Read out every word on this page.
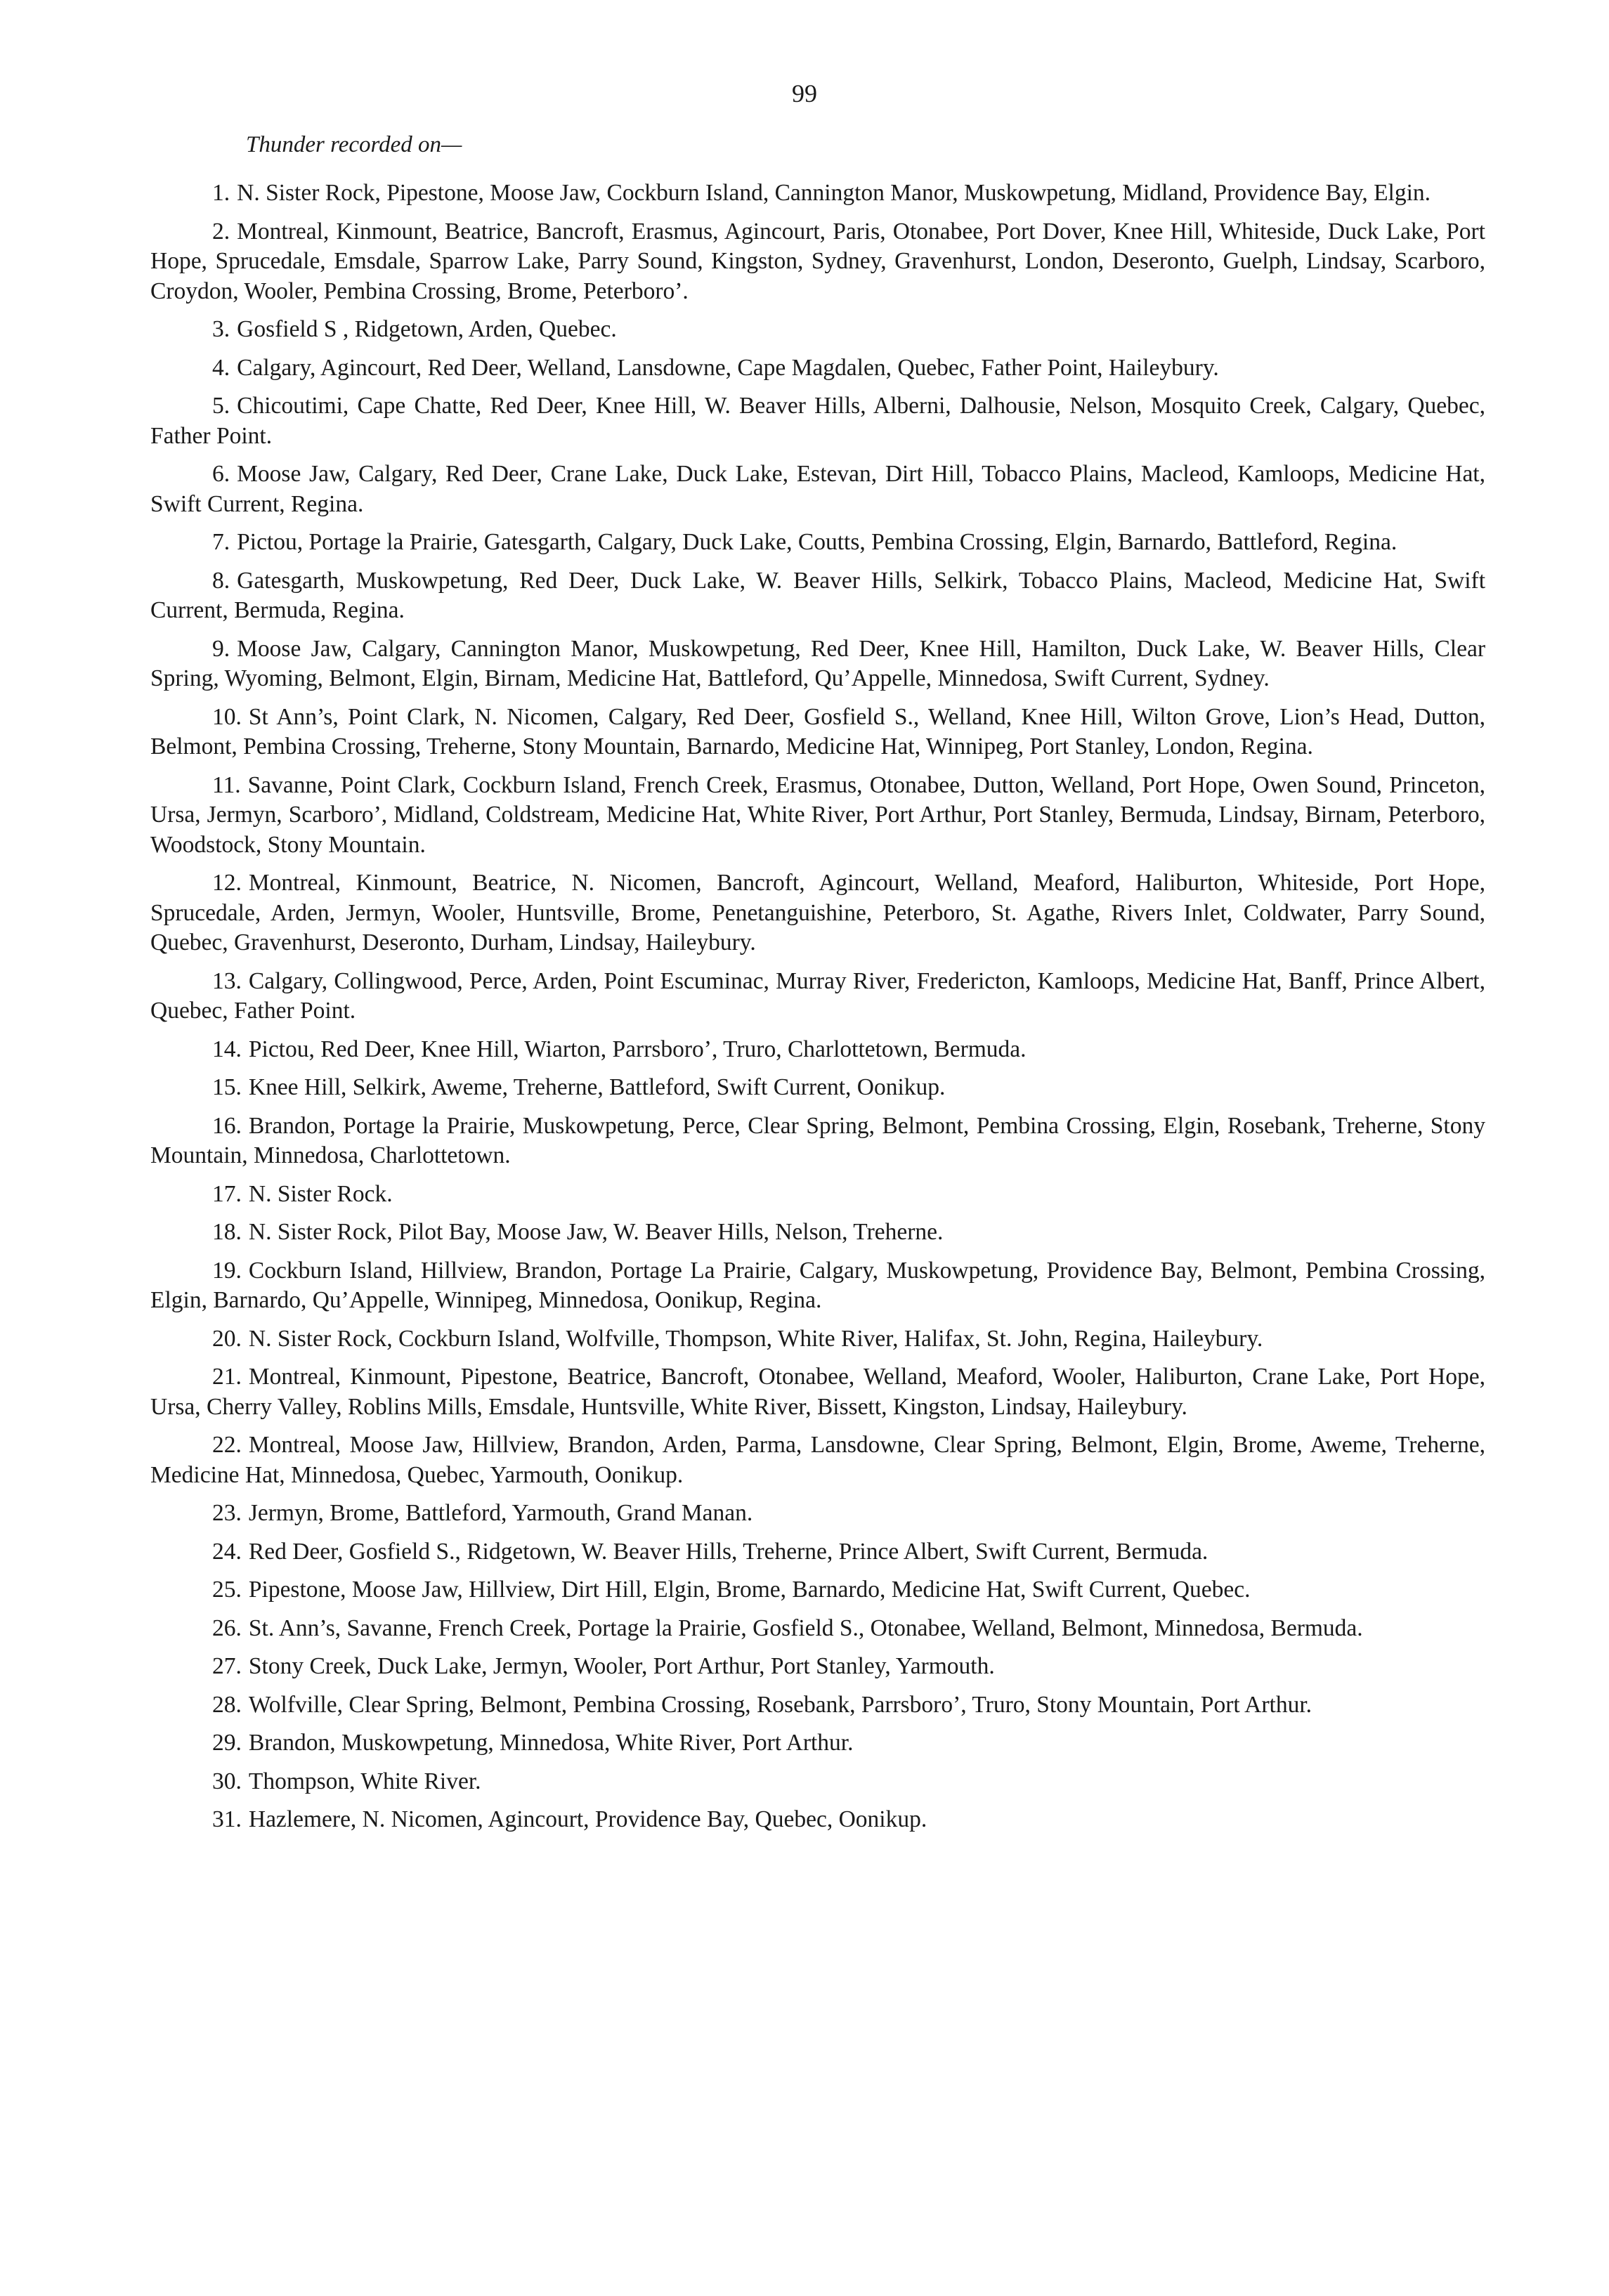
99
Thunder recorded on—

1. N. Sister Rock, Pipestone, Moose Jaw, Cockburn Island, Cannington Manor, Muskowpetung, Midland, Providence Bay, Elgin.

2. Montreal, Kinmount, Beatrice, Bancroft, Erasmus, Agincourt, Paris, Otonabee, Port Dover, Knee Hill, Whiteside, Duck Lake, Port Hope, Sprucedale, Emsdale, Sparrow Lake, Parry Sound, Kingston, Sydney, Gravenhurst, London, Deseronto, Guelph, Lindsay, Scarboro, Croydon, Wooler, Pembina Crossing, Brome, Peterboro’.

3. Gosfield S , Ridgetown, Arden, Quebec.

4. Calgary, Agincourt, Red Deer, Welland, Lansdowne, Cape Magdalen, Quebec, Father Point, Haileybury.

5. Chicoutimi, Cape Chatte, Red Deer, Knee Hill, W. Beaver Hills, Alberni, Dalhousie, Nelson, Mosquito Creek, Calgary, Quebec, Father Point.

6. Moose Jaw, Calgary, Red Deer, Crane Lake, Duck Lake, Estevan, Dirt Hill, Tobacco Plains, Macleod, Kamloops, Medicine Hat, Swift Current, Regina.

7. Pictou, Portage la Prairie, Gatesgarth, Calgary, Duck Lake, Coutts, Pembina Crossing, Elgin, Barnardo, Battleford, Regina.

8. Gatesgarth, Muskowpetung, Red Deer, Duck Lake, W. Beaver Hills, Selkirk, Tobacco Plains, Macleod, Medicine Hat, Swift Current, Bermuda, Regina.

9. Moose Jaw, Calgary, Cannington Manor, Muskowpetung, Red Deer, Knee Hill, Hamilton, Duck Lake, W. Beaver Hills, Clear Spring, Wyoming, Belmont, Elgin, Birnam, Medicine Hat, Battleford, Qu’Appelle, Minnedosa, Swift Current, Sydney.

10. St Ann’s, Point Clark, N. Nicomen, Calgary, Red Deer, Gosfield S., Welland, Knee Hill, Wilton Grove, Lion’s Head, Dutton, Belmont, Pembina Crossing, Treherne, Stony Mountain, Barnardo, Medicine Hat, Winnipeg, Port Stanley, London, Regina.

11. Savanne, Point Clark, Cockburn Island, French Creek, Erasmus, Otonabee, Dutton, Welland, Port Hope, Owen Sound, Princeton, Ursa, Jermyn, Scarboro’, Midland, Coldstream, Medicine Hat, White River, Port Arthur, Port Stanley, Bermuda, Lindsay, Birnam, Peterboro, Woodstock, Stony Mountain.

12. Montreal, Kinmount, Beatrice, N. Nicomen, Bancroft, Agincourt, Welland, Meaford, Haliburton, Whiteside, Port Hope, Sprucedale, Arden, Jermyn, Wooler, Huntsville, Brome, Penetanguishine, Peterboro, St. Agathe, Rivers Inlet, Coldwater, Parry Sound, Quebec, Gravenhurst, Deseronto, Durham, Lindsay, Haileybury.

13. Calgary, Collingwood, Perce, Arden, Point Escuminac, Murray River, Fredericton, Kamloops, Medicine Hat, Banff, Prince Albert, Quebec, Father Point.

14. Pictou, Red Deer, Knee Hill, Wiarton, Parrsboro’, Truro, Charlottetown, Bermuda.

15. Knee Hill, Selkirk, Aweme, Treherne, Battleford, Swift Current, Oonikup.

16. Brandon, Portage la Prairie, Muskowpetung, Perce, Clear Spring, Belmont, Pembina Crossing, Elgin, Rosebank, Treherne, Stony Mountain, Minnedosa, Charlottetown.

17. N. Sister Rock.

18. N. Sister Rock, Pilot Bay, Moose Jaw, W. Beaver Hills, Nelson, Treherne.

19. Cockburn Island, Hillview, Brandon, Portage La Prairie, Calgary, Muskowpetung, Providence Bay, Belmont, Pembina Crossing, Elgin, Barnardo, Qu’Appelle, Winnipeg, Minnedosa, Oonikup, Regina.

20. N. Sister Rock, Cockburn Island, Wolfville, Thompson, White River, Halifax, St. John, Regina, Haileybury.

21. Montreal, Kinmount, Pipestone, Beatrice, Bancroft, Otonabee, Welland, Meaford, Wooler, Haliburton, Crane Lake, Port Hope, Ursa, Cherry Valley, Roblins Mills, Emsdale, Huntsville, White River, Bissett, Kingston, Lindsay, Haileybury.

22. Montreal, Moose Jaw, Hillview, Brandon, Arden, Parma, Lansdowne, Clear Spring, Belmont, Elgin, Brome, Aweme, Treherne, Medicine Hat, Minnedosa, Quebec, Yarmouth, Oonikup.

23. Jermyn, Brome, Battleford, Yarmouth, Grand Manan.

24. Red Deer, Gosfield S., Ridgetown, W. Beaver Hills, Treherne, Prince Albert, Swift Current, Bermuda.

25. Pipestone, Moose Jaw, Hillview, Dirt Hill, Elgin, Brome, Barnardo, Medicine Hat, Swift Current, Quebec.

26. St. Ann’s, Savanne, French Creek, Portage la Prairie, Gosfield S., Otonabee, Welland, Belmont, Minnedosa, Bermuda.

27. Stony Creek, Duck Lake, Jermyn, Wooler, Port Arthur, Port Stanley, Yarmouth.

28. Wolfville, Clear Spring, Belmont, Pembina Crossing, Rosebank, Parrsboro’, Truro, Stony Mountain, Port Arthur.

29. Brandon, Muskowpetung, Minnedosa, White River, Port Arthur.

30. Thompson, White River.

31. Hazlemere, N. Nicomen, Agincourt, Providence Bay, Quebec, Oonikup.
